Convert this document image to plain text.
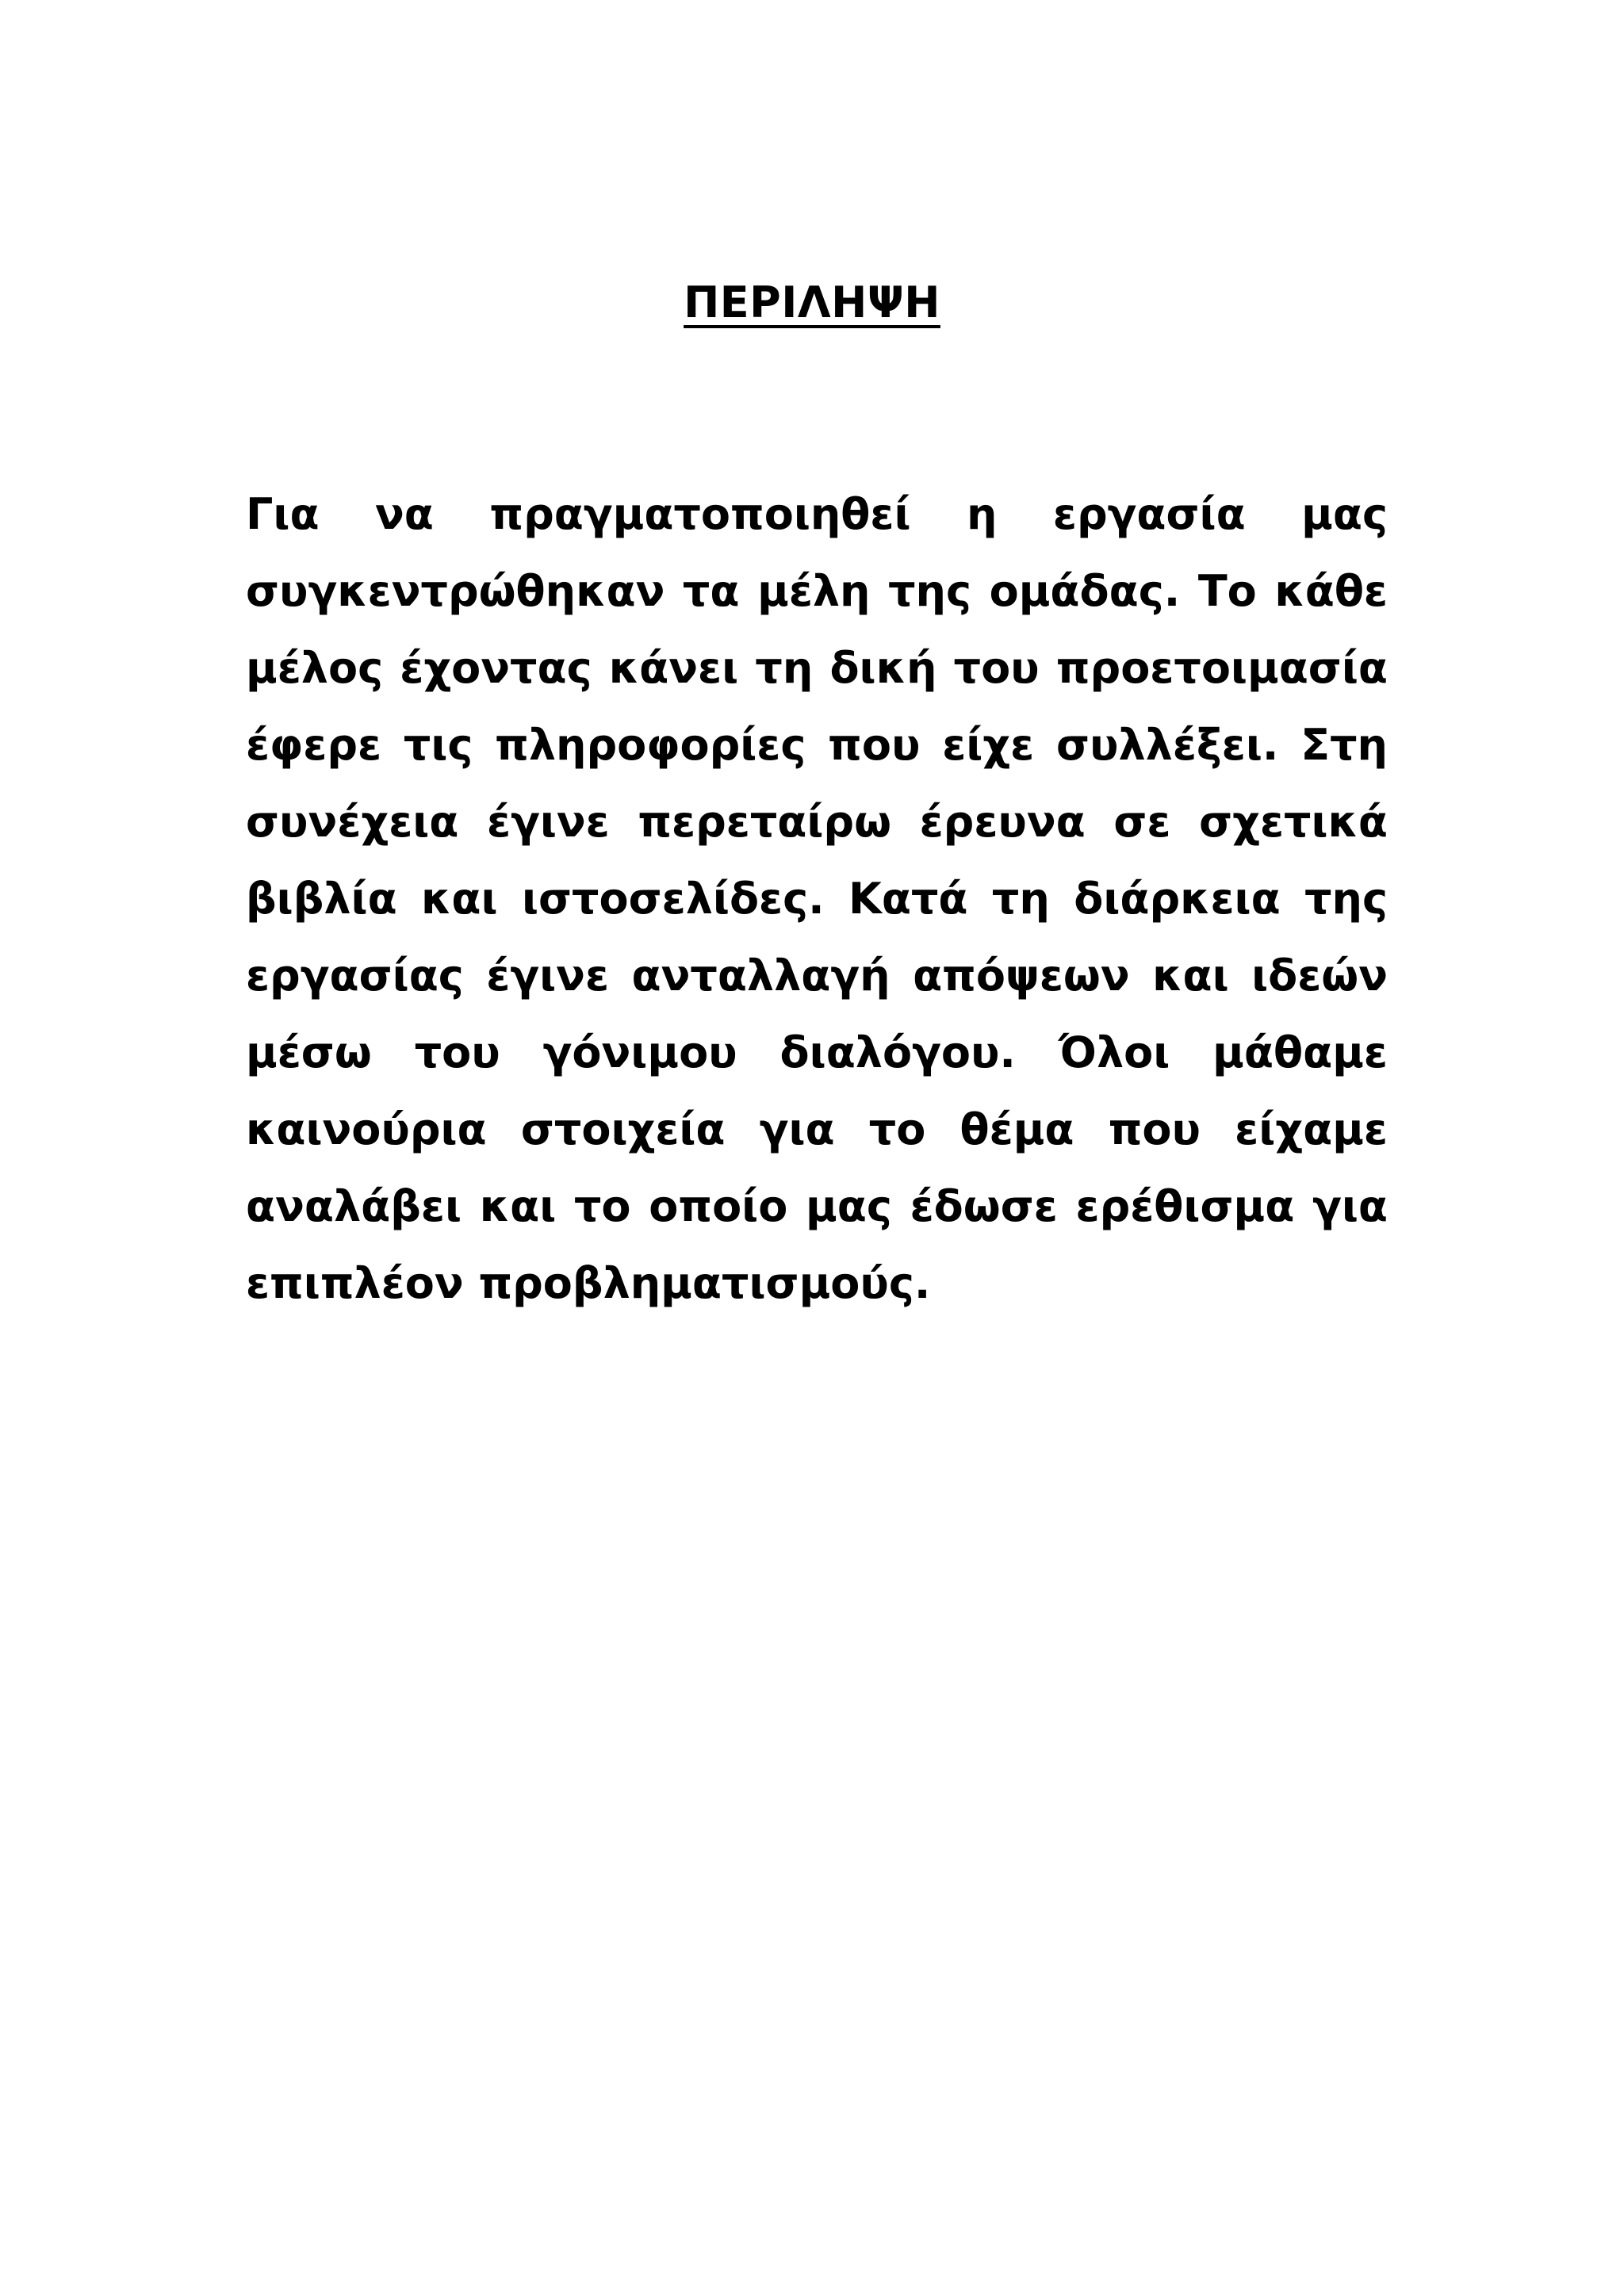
ΠΕΡΙΛΗΨΗ
Για να πραγματοποιηθεί η εργασία μας
συγκεντρώθηκαν τα μέλη της ομάδας. Το κάθε
μέλος έχοντας κάνει τη δική του προετοιμασία
έφερε τις πληροφορίες που είχε συλλέξει. Στη
συνέχεια έγινε περεταίρω έρευνα σε σχετικά
βιβλία και ιστοσελίδες. Κατά τη διάρκεια της
εργασίας έγινε ανταλλαγή απόψεων και ιδεών
μέσω του γόνιμου διαλόγου. Όλοι μάθαμε
καινούρια στοιχεία για το θέμα που είχαμε
αναλάβει και το οποίο μας έδωσε ερέθισμα για
επιπλέον προβληματισμούς.
